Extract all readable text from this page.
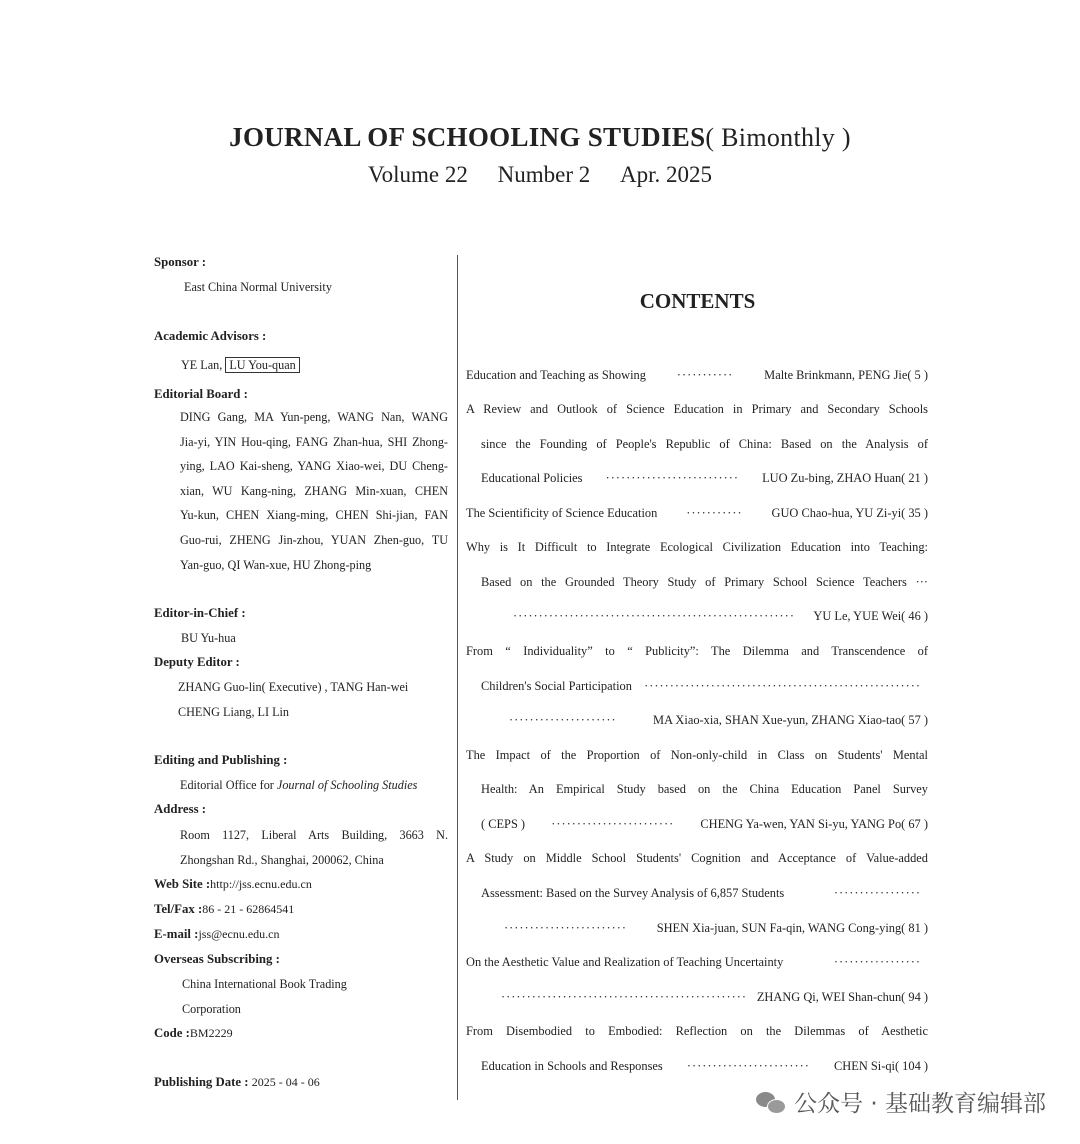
JOURNAL OF SCHOOLING STUDIES( Bimonthly )
Volume 22 Number 2 Apr. 2025
Sponsor :
East China Normal University
Academic Advisors :
YE Lan, LU You-quan
Editorial Board :
DING Gang, MA Yun-peng, WANG Nan, WANG
Jia-yi, YIN Hou-qing, FANG Zhan-hua, SHI Zhong-
ying, LAO Kai-sheng, YANG Xiao-wei, DU Cheng-
xian, WU Kang-ning, ZHANG Min-xuan, CHEN
Yu-kun, CHEN Xiang-ming, CHEN Shi-jian, FAN
Guo-rui, ZHENG Jin-zhou, YUAN Zhen-guo, TU
Yan-guo, QI Wan-xue, HU Zhong-ping
Editor-in-Chief :
BU Yu-hua
Deputy Editor :
ZHANG Guo-lin( Executive) , TANG Han-wei
CHENG Liang, LI Lin
Editing and Publishing :
Editorial Office for Journal of Schooling Studies
Address :
Room 1127, Liberal Arts Building, 3663 N.
Zhongshan Rd., Shanghai, 200062, China
Web Site :http://jss.ecnu.edu.cn
Tel/Fax :86 - 21 - 62864541
E-mail :jss@ecnu.edu.cn
Overseas Subscribing :
China International Book Trading
Corporation
Code :BM2229
Publishing Date : 2025 - 04 - 06
CONTENTS
Education and Teaching as Showing ··········· Malte Brinkmann, PENG Jie( 5 )
A Review and Outlook of Science Education in Primary and Secondary Schools
since the Founding of People's Republic of China: Based on the Analysis of
Educational Policies ·························· LUO Zu-bing, ZHAO Huan( 21 )
The Scientificity of Science Education ··········· GUO Chao-hua, YU Zi-yi( 35 )
Why is It Difficult to Integrate Ecological Civilization Education into Teaching:
Based on the Grounded Theory Study of Primary School Science Teachers ···
······················································· YU Le, YUE Wei( 46 )
From “ Individuality” to “ Publicity”: The Dilemma and Transcendence of
Children's Social Participation ······················································
·····················	MA Xiao-xia, SHAN Xue-yun, ZHANG Xiao-tao( 57 )
The Impact of the Proportion of Non-only-child in Class on Students' Mental
Health: An Empirical Study based on the China Education Panel Survey
( CEPS ) ························ CHENG Ya-wen, YAN Si-yu, YANG Po( 67 )
A Study on Middle School Students' Cognition and Acceptance of Value-added
Assessment: Based on the Survey Analysis of 6,857 Students	·················
························ SHEN Xia-juan, SUN Fa-qin, WANG Cong-ying( 81 )
On the Aesthetic Value and Realization of Teaching Uncertainty	·················
················································ ZHANG Qi, WEI Shan-chun( 94 )
From Disembodied to Embodied: Reflection on the Dilemmas of Aesthetic
Education in Schools and Responses ························ CHEN Si-qi( 104 )
公众号 · 基础教育编辑部
